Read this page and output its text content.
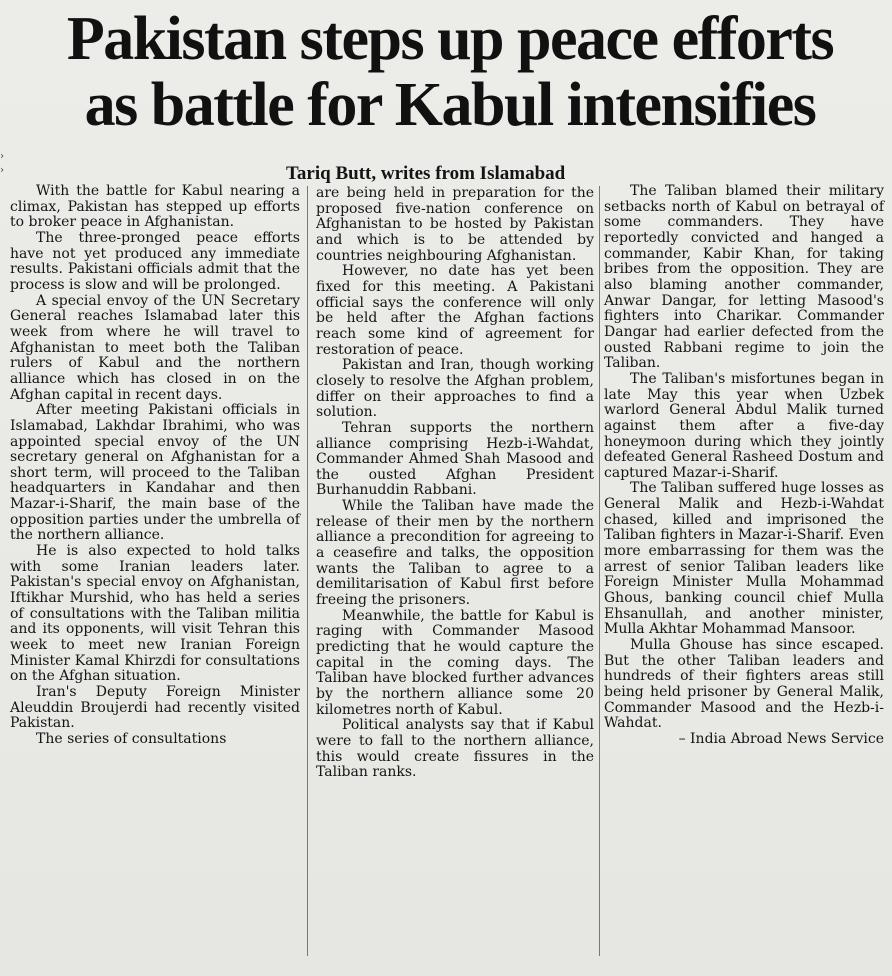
›
›
Pakistan steps up peace efforts
as battle for Kabul intensifies

Tariq Butt, writes from Islamabad

With the battle for Kabul nearing a climax, Pakistan has stepped up efforts to broker peace in Afghanistan.

The three-pronged peace efforts have not yet produced any immediate results. Pakistani officials admit that the process is slow and will be prolonged.

A special envoy of the UN Secretary General reaches Islamabad later this week from where he will travel to Afghanistan to meet both the Taliban rulers of Kabul and the northern alliance which has closed in on the Afghan capital in recent days.

After meeting Pakistani officials in Islamabad, Lakhdar Ibrahimi, who was appointed special envoy of the UN secretary general on Afghanistan for a short term, will proceed to the Taliban headquarters in Kandahar and then Mazar-i-Sharif, the main base of the opposition parties under the umbrella of the northern alliance.

He is also expected to hold talks with some Iranian leaders later. Pakistan's special envoy on Afghanistan, Iftikhar Murshid, who has held a series of consultations with the Taliban militia and its opponents, will visit Tehran this week to meet new Iranian Foreign Minister Kamal Khirzdi for consultations on the Afghan situation.

Iran's Deputy Foreign Minister Aleuddin Broujerdi had recently visited Pakistan.

The series of consultations

are being held in preparation for the proposed five-nation conference on Afghanistan to be hosted by Pakistan and which is to be attended by countries neighbouring Afghanistan.

However, no date has yet been fixed for this meeting. A Pakistani official says the conference will only be held after the Afghan factions reach some kind of agreement for restoration of peace.

Pakistan and Iran, though working closely to resolve the Afghan problem, differ on their approaches to find a solution.

Tehran supports the northern alliance comprising Hezb-i-Wahdat, Commander Ahmed Shah Masood and the ousted Afghan President Burhanuddin Rabbani.

While the Taliban have made the release of their men by the northern alliance a precondition for agreeing to a ceasefire and talks, the opposition wants the Taliban to agree to a demilitarisation of Kabul first before freeing the prisoners.

Meanwhile, the battle for Kabul is raging with Commander Masood predicting that he would capture the capital in the coming days. The Taliban have blocked further advances by the northern alliance some 20 kilometres north of Kabul.

Political analysts say that if Kabul were to fall to the northern alliance, this would create fissures in the Taliban ranks.

The Taliban blamed their military setbacks north of Kabul on betrayal of some commanders. They have reportedly convicted and hanged a commander, Kabir Khan, for taking bribes from the opposition. They are also blaming another commander, Anwar Dangar, for letting Masood's fighters into Charikar. Commander Dangar had earlier defected from the ousted Rabbani regime to join the Taliban.

The Taliban's misfortunes began in late May this year when Uzbek warlord General Abdul Malik turned against them after a five-day honeymoon during which they jointly defeated General Rasheed Dostum and captured Mazar-i-Sharif.

The Taliban suffered huge losses as General Malik and Hezb-i-Wahdat chased, killed and imprisoned the Taliban fighters in Mazar-i-Sharif. Even more embarrassing for them was the arrest of senior Taliban leaders like Foreign Minister Mulla Mohammad Ghous, banking council chief Mulla Ehsanullah, and another minister, Mulla Akhtar Mohammad Mansoor.

Mulla Ghouse has since escaped. But the other Taliban leaders and hundreds of their fighters areas still being held prisoner by General Malik, Commander Masood and the Hezb-i-Wahdat.

– India Abroad News Service
